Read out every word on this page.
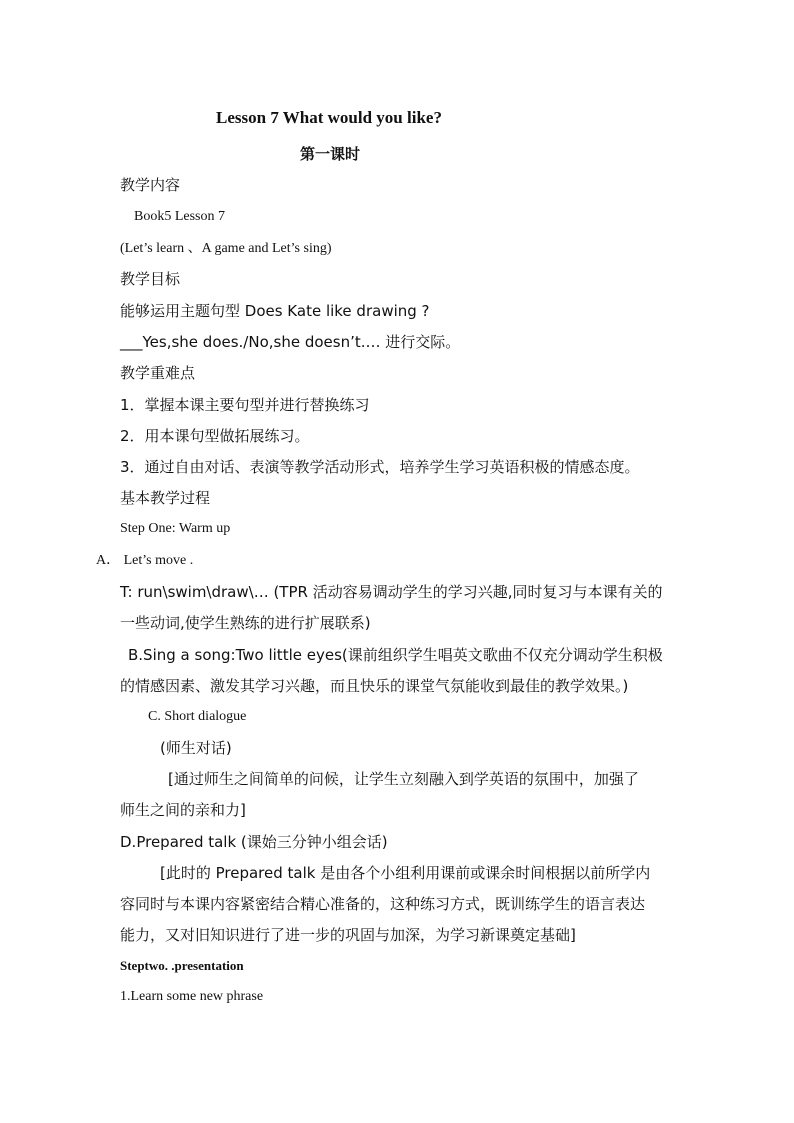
Lesson 7 What would you like?
第一课时
教学内容
Book5 Lesson 7
(Let’s learn 、A game and Let’s sing)
教学目标
能够运用主题句型 Does Kate like drawing ?
___Yes,she does./No,she doesn’t.… 进行交际。
教学重难点
1．掌握本课主要句型并进行替换练习
2．用本课句型做拓展练习。
3．通过自由对话、表演等教学活动形式，培养学生学习英语积极的情感态度。
基本教学过程
Step One: Warm up
A． Let’s move .
T: run\swim\draw\… (TPR 活动容易调动学生的学习兴趣,同时复习与本课有关的
一些动词,使学生熟练的进行扩展联系)
B.Sing a song:Two little eyes(课前组织学生唱英文歌曲不仅充分调动学生积极
的情感因素、激发其学习兴趣，而且快乐的课堂气氛能收到最佳的教学效果。)
C. Short dialogue
(师生对话)
[通过师生之间简单的问候，让学生立刻融入到学英语的氛围中，加强了
师生之间的亲和力]
D.Prepared talk (课始三分钟小组会话)
[此时的 Prepared talk 是由各个小组利用课前或课余时间根据以前所学内
容同时与本课内容紧密结合精心准备的，这种练习方式，既训练学生的语言表达
能力，又对旧知识进行了进一步的巩固与加深，为学习新课奠定基础]
Steptwo. .presentation
1.Learn some new phrase
